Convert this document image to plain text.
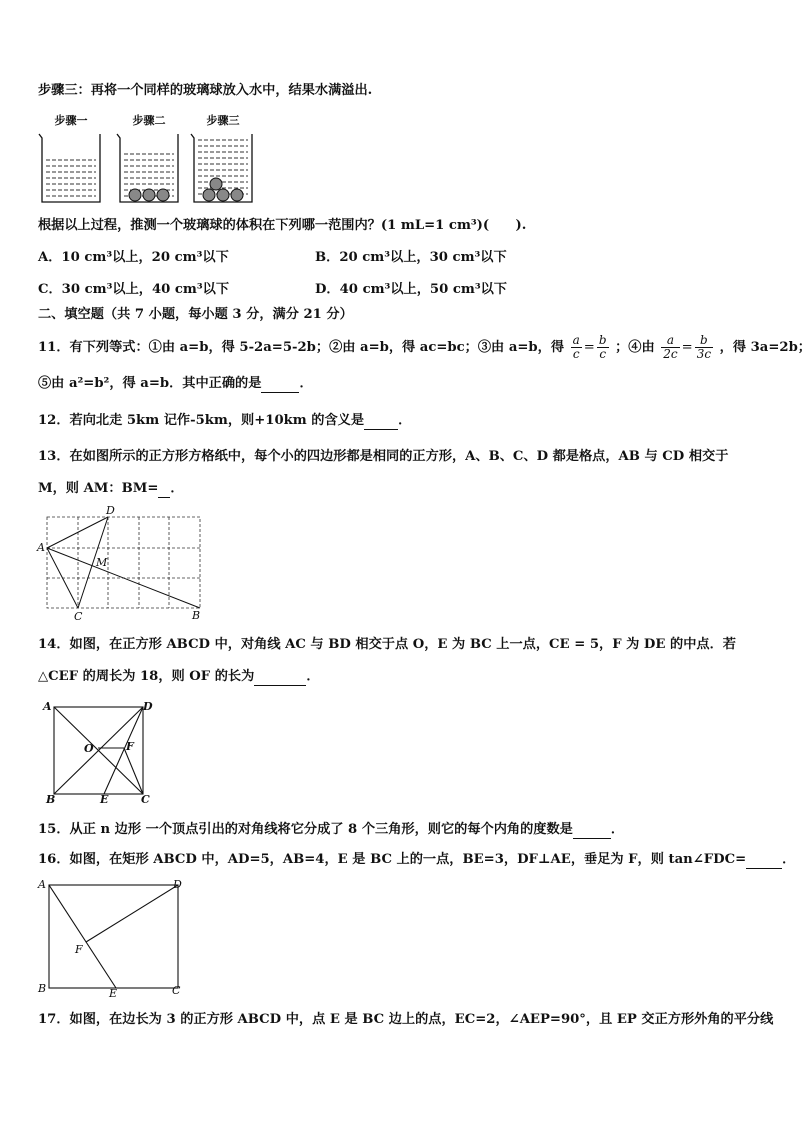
步骤三：再将一个同样的玻璃球放入水中，结果水满溢出.
步骤一	步骤二	步骤三
根据以上过程，推测一个玻璃球的体积在下列哪一范围内？(1 mL=1 cm³)(　　).
A．10 cm³以上，20 cm³以下	B．20 cm³以上，30 cm³以下
C．30 cm³以上，40 cm³以下	D．40 cm³以上，50 cm³以下
二、填空题（共 7 小题，每小题 3 分，满分 21 分）
11．有下列等式：①由 a=b，得 5-2a=5-2b；②由 a=b，得 ac=bc；③由 a=b，得 $\frac{a}{c} = \frac{b}{c}$ ；④由 $\frac{a}{2c} = \frac{b}{3c}$ ，得 3a=2b；
⑤由 a²=b²，得 a=b．其中正确的是	．
12．若向北走 5km 记作-5km，则+10km 的含义是	．
13．在如图所示的正方形方格纸中，每个小的四边形都是相同的正方形，A、B、C、D 都是格点，AB 与 CD 相交于
M，则 AM：BM= ．
A
B
C
D
M
14．如图，在正方形 ABCD 中，对角线 AC 与 BD 相交于点 O，E 为 BC 上一点，CE = 5，F 为 DE 的中点．若
△CEF 的周长为 18，则 OF 的长为	．
A
B	C
D
O
E
F
15．从正 n 边形 一个顶点引出的对角线将它分成了 8 个三角形，则它的每个内角的度数是	．
16．如图，在矩形 ABCD 中，AD=5，AB=4，E 是 BC 上的一点，BE=3，DF⊥AE，垂足为 F，则 tan∠FDC=	．
A
B	C
D
E
F
17．如图，在边长为 3 的正方形 ABCD 中，点 E 是 BC 边上的点，EC=2，∠AEP=90°，且 EP 交正方形外角的平分线
